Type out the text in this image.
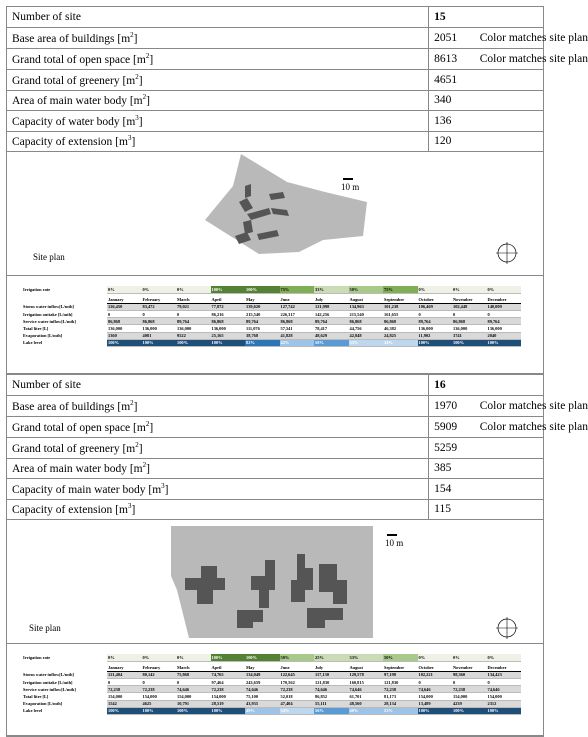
Number of site	15	
Base area of buildings $[m^2]$	2051	Color matches site plan

Grand total of open space $[m^2]$	8613	Color matches site plan

Grand total of greenery $[m^2]$	4651	
Area of main water body $[m^2]$	340	
Capacity of water body $[m^3]$	136	
Capacity of extension $[m^3]$	120	
10 m
Site plan
Irrigation rate	0%	0%	0%	100%	100%	75%	33%	50%	75%	0%	0%	0%

	January	February	March	April	May	June	July	August	September	October	November	December
Storm water inflow[L/mth]	126,450	83,472	79,021	77,872	139,620	127,742	121,998	134,963	101,238	106,469	102,448	140,009
Irrigation outtake [L/mth]	0	0	0	86,216	215,540	226,317	142,256	215,540	161,655	0	0	0
Service water inflow[L/mth]	86,868	86,868	89,764	86,868	89,764	86,868	89,764	86,868	86,868	89,764	86,868	89,764
Total litre [L]	136,000	136,000	136,000	136,000	111,076	57,541	78,417	44,756	46,382	136,000	136,000	136,000
Evaporation [L/mth]	1360	4081	9522	25,165	38,768	41,828	48,629	42,848	24,825	11,902	3741	2040
Lake level	100%	100%	100%	100%	82%	42%	58%	33%	34%	100%	100%	100%
Number of site	16	
Base area of buildings $[m^2]$	1970	Color matches site plan

Grand total of open space $[m^2]$	5909	Color matches site plan

Grand total of greenery $[m^2]$	5259	
Area of main water body $[m^2]$	385	
Capacity of main water body $[m^3]$	154	
Capacity of extension $[m^3]$	115	
10 m
Site plan
Irrigation rate	0%	0%	0%	100%	100%	50%	25%	33%	50%	0%	0%	0%

	January	February	March	April	May	June	July	August	September	October	November	December
Storm water inflow[L/mth]	121,404	80,142	75,868	74,765	134,049	122,645	117,130	129,578	97,198	102,221	98,360	134,423
Irrigation outtake [L/mth]	0	0	0	97,464	243,659	170,562	121,830	160,815	121,830	0	0	0
Service water inflow[L/mth]	72,238	72,238	74,646	72,238	74,646	72,238	74,646	74,646	72,238	74,646	72,238	74,646
Total litre [L]	154,000	154,000	154,000	154,000	75,100	52,018	86,852	61,701	81,173	154,000	154,000	154,000
Evaporation [L/mth]	1542	4625	10,791	28,519	43,935	47,404	55,111	48,560	28,134	13,489	4239	2312
Lake level	100%	100%	100%	100%	49%	34%	56%	40%	53%	100%	100%	100%
